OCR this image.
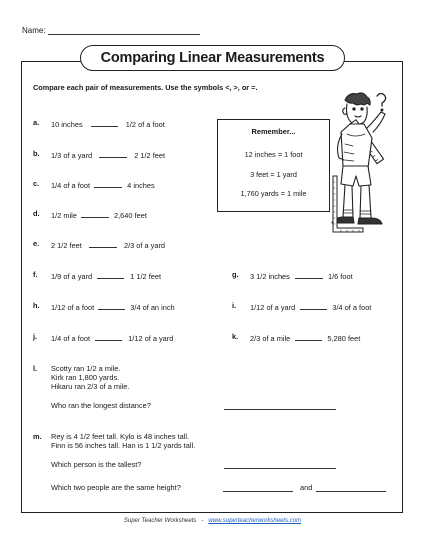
Name:
Comparing Linear Measurements
Compare each pair of measurements. Use the symbols <, >, or =.
a. 10 inches	1/2 of a foot
b. 1/3 of a yard	2 1/2 feet
c. 1/4 of a foot	4 inches
d. 1/2 mile	2,640 feet
e. 2 1/2 feet	2/3 of a yard
f. 1/9 of a yard	1 1/2 feet	g. 3 1/2 inches	1/6 foot
h. 1/12 of a foot	3/4 of an inch	i. 1/12 of a yard	3/4 of a foot
j. 1/4 of a foot	1/12 of a yard	k. 2/3 of a mile	5,280 feet
Remember...
12 inches = 1 foot
3 feet = 1 yard
1,760 yards = 1 mile
l. Scotty ran 1/2 a mile.
Kirk ran 1,800 yards.
Hikaru ran 2/3 of a mile.
Who ran the longest distance?
m. Rey is 4 1/2 feet tall. Kylo is 48 inches tall.
Finn is 56 inches tall. Han is 1 1/2 yards tall.
Which person is the tallest?
Which two people are the same height?	and
Super Teacher Worksheets - www.superteacherworksheets.com
